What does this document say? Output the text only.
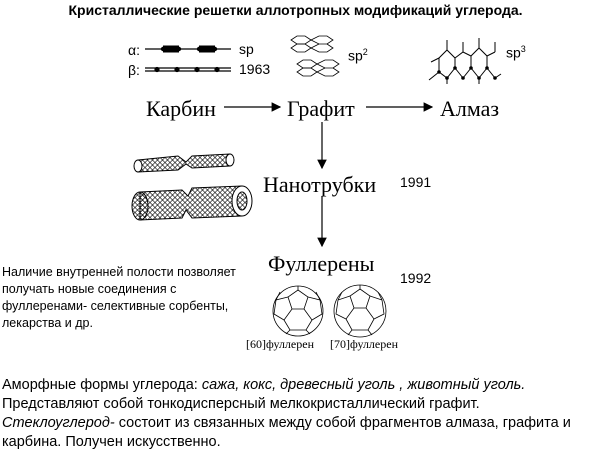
Кристаллические решетки аллотропных модификаций углерода.
α:
β:
sp
1963
$sp^2$	$sp^3$
Карбин	Графит	Алмаз
Нанотрубки 1991
Фуллерены
1992
Наличие внутренней полости позволяет
получать новые соединения с
фуллеренами- селективные сорбенты,
лекарства и др.
[60]фуллерен [70]фуллерен
Аморфные формы углерода: сажа, кокс, древесный уголь , животный уголь.
Представляют собой тонкодисперсный мелкокристаллический графит.
Стеклоуглерод- состоит из связанных между собой фрагментов алмаза, графита и
карбина. Получен искусственно.
